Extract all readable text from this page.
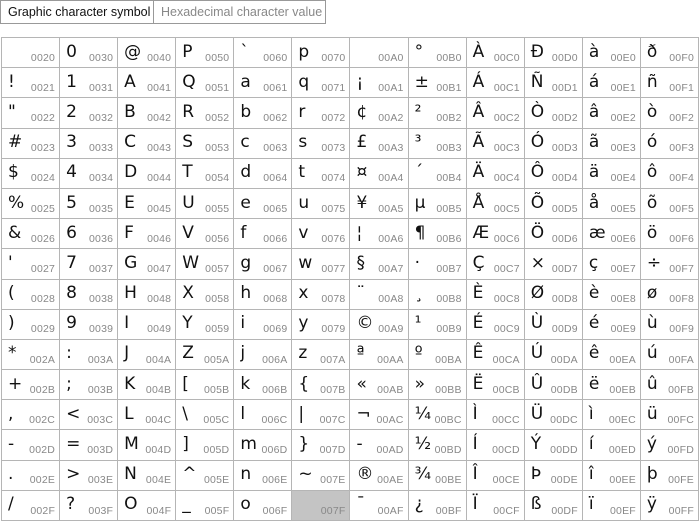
Graphic character symbol Hexadecimal character value
0020
! 0021
" 0022
# 0023
$ 0024
% 0025
& 0026
' 0027
( 0028
) 0029
* 002A
+ 002B
, 002C
- 002D
. 002E
/ 002F
0 0030
1 0031
2 0032
3 0033
4 0034
5 0035
6 0036
7 0037
8 0038
9 0039
: 003A
; 003B
< 003C
= 003D
> 003E
? 003F
@ 0040
A 0041
B 0042
C 0043
D 0044
E 0045
F 0046
G 0047
H 0048
I 0049
J 004A
K 004B
L 004C
M 004D
N 004E
O 004F
P 0050
Q 0051
R 0052
S 0053
T 0054
U 0055
V 0056
W 0057
X 0058
Y 0059
Z 005A
[ 005B
\ 005C
] 005D
^ 005E
_ 005F
` 0060
a 0061
b 0062
c 0063
d 0064
e 0065
f 0066
g 0067
h 0068
i 0069
j 006A
k 006B
l 006C
m 006D
n 006E
o 006F
p 0070
q 0071
r 0072
s 0073
t 0074
u 0075
v 0076
w 0077
x 0078
y 0079
z 007A
{ 007B
| 007C
} 007D
~ 007E
007F
00A0
¡ 00A1
¢ 00A2
£ 00A3
¤ 00A4
¥ 00A5
¦ 00A6
§ 00A7
¨ 00A8
© 00A9
ª 00AA
« 00AB
¬ 00AC
- 00AD
® 00AE
¯ 00AF
° 00B0
± 00B1
² 00B2
³ 00B3
´ 00B4
µ 00B5
¶ 00B6
· 00B7
¸ 00B8
¹ 00B9
º 00BA
» 00BB
¼ 00BC
½ 00BD
¾ 00BE
¿ 00BF
À 00C0
Á 00C1
Â 00C2
Ã 00C3
Ä 00C4
Å 00C5
Æ 00C6
Ç 00C7
È 00C8
É 00C9
Ê 00CA
Ë 00CB
Ì 00CC
Í 00CD
Î 00CE
Ï 00CF
Ð 00D0
Ñ 00D1
Ò 00D2
Ó 00D3
Ô 00D4
Õ 00D5
Ö 00D6
× 00D7
Ø 00D8
Ù 00D9
Ú 00DA
Û 00DB
Ü 00DC
Ý 00DD
Þ 00DE
ß 00DF
à 00E0
á 00E1
â 00E2
ã 00E3
ä 00E4
å 00E5
æ 00E6
ç 00E7
è 00E8
é 00E9
ê 00EA
ë 00EB
ì 00EC
í 00ED
î 00EE
ï 00EF
ð 00F0
ñ 00F1
ò 00F2
ó 00F3
ô 00F4
õ 00F5
ö 00F6
÷ 00F7
ø 00F8
ù 00F9
ú 00FA
û 00FB
ü 00FC
ý 00FD
þ 00FE
ÿ 00FF
